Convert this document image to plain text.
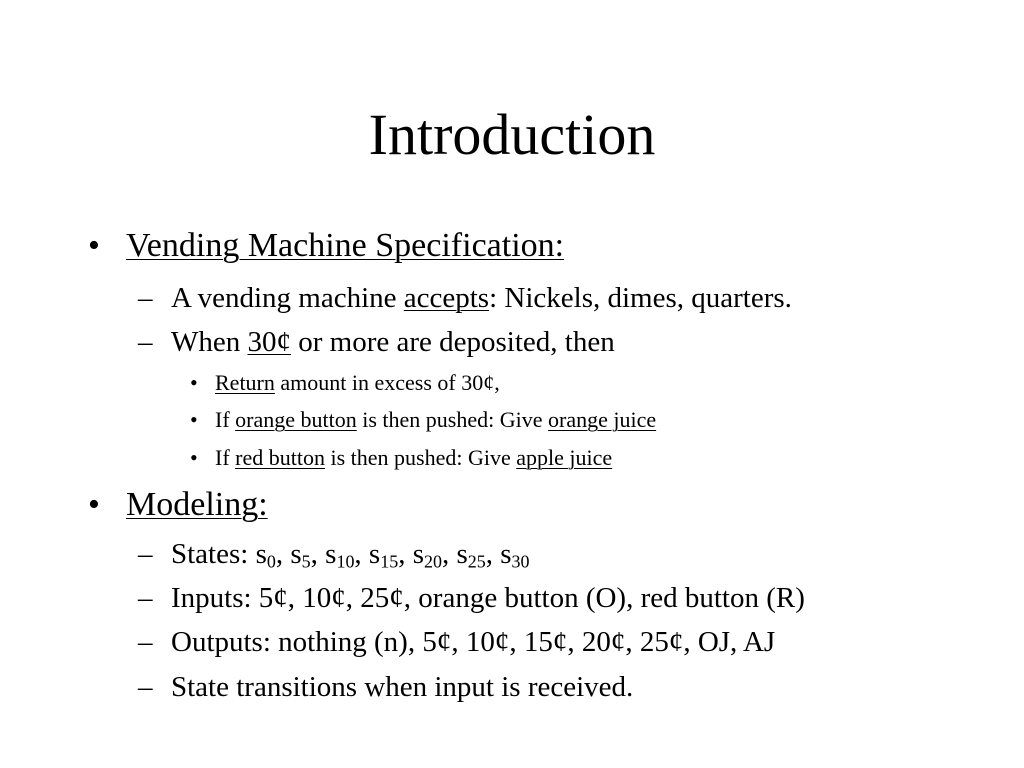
Introduction
• Vending Machine Specification:
– A vending machine accepts: Nickels, dimes, quarters.
– When 30¢ or more are deposited, then
• Return amount in excess of 30¢,
• If orange button is then pushed: Give orange juice
• If red button is then pushed: Give apple juice
• Modeling:
– States: $s_0$, $s_5$, $s_{10}$, $s_{15}$, $s_{20}$, $s_{25}$, $s_{30}$
– Inputs: 5¢, 10¢, 25¢, orange button (O), red button (R)
– Outputs: nothing (n), 5¢, 10¢, 15¢, 20¢, 25¢, OJ, AJ
– State transitions when input is received.
